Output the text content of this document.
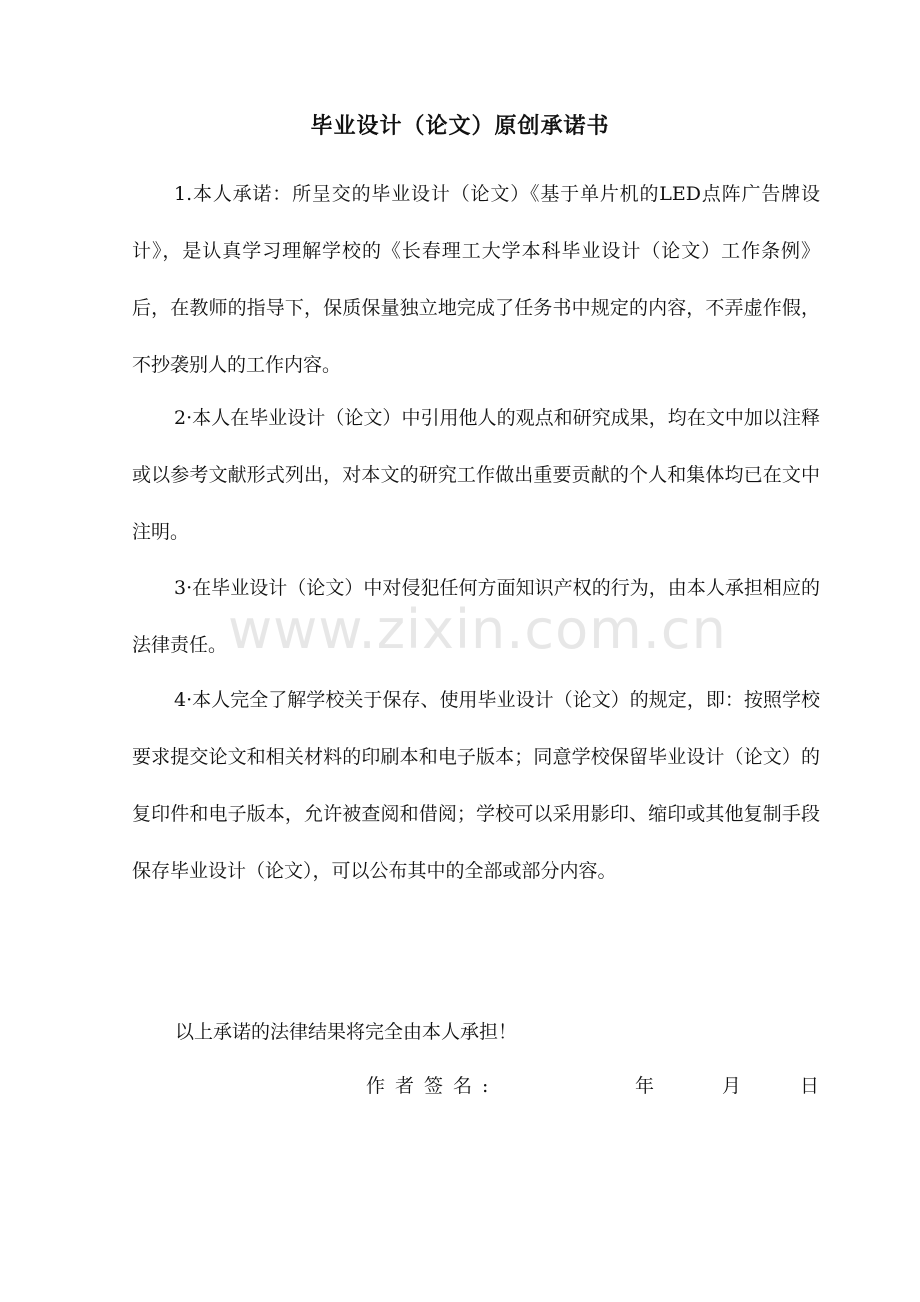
毕业设计（论文）原创承诺书
1.本人承诺：所呈交的毕业设计（论文）《基于单片机的LED点阵广告牌设计》，是认真学习理解学校的《长春理工大学本科毕业设计（论文）工作条例》后，在教师的指导下，保质保量独立地完成了任务书中规定的内容，不弄虚作假，不抄袭别人的工作内容。
2·本人在毕业设计（论文）中引用他人的观点和研究成果，均在文中加以注释或以参考文献形式列出，对本文的研究工作做出重要贡献的个人和集体均已在文中注明。
3·在毕业设计（论文）中对侵犯任何方面知识产权的行为，由本人承担相应的法律责任。
4·本人完全了解学校关于保存、使用毕业设计（论文）的规定，即：按照学校要求提交论文和相关材料的印刷本和电子版本；同意学校保留毕业设计（论文）的复印件和电子版本，允许被查阅和借阅；学校可以采用影印、缩印或其他复制手段保存毕业设计（论文），可以公布其中的全部或部分内容。
以上承诺的法律结果将完全由本人承担！
作者签名:	年	月	日
www.zixin.com.cn
